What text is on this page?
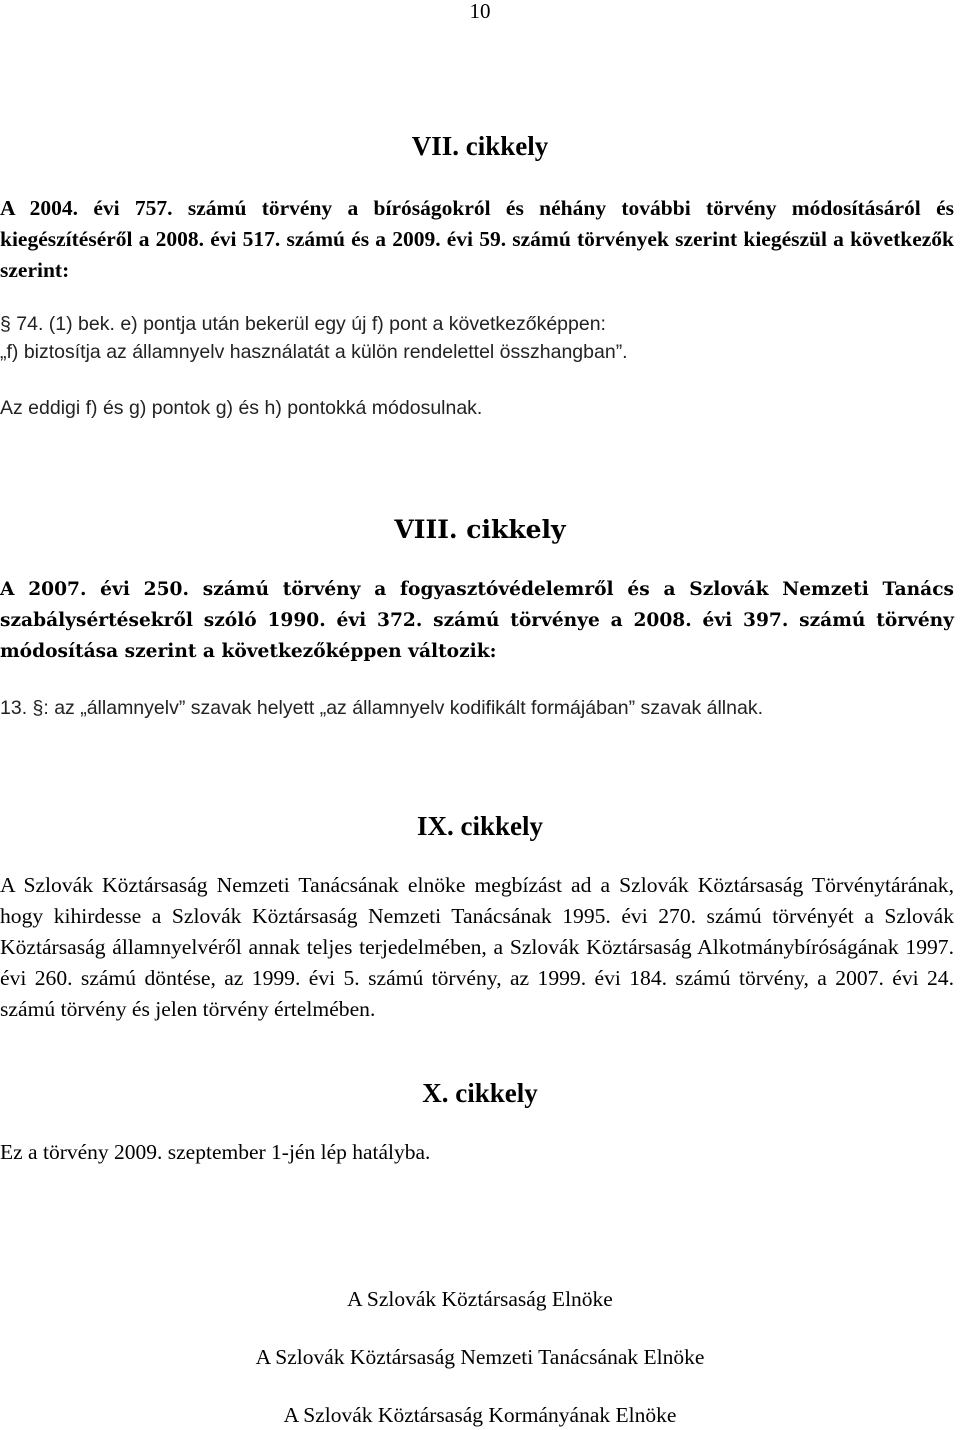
10
VII. cikkely

A 2004. évi 757. számú törvény a bíróságokról és néhány további törvény módosításáról és kiegészítéséről a 2008. évi 517. számú és a 2009. évi 59. számú törvények szerint kiegészül a következők szerint:

§ 74. (1) bek. e) pontja után bekerül egy új f) pont a következőképpen:

„f) biztosítja az államnyelv használatát a külön rendelettel összhangban”.

Az eddigi f) és g) pontok g) és h) pontokká módosulnak.

VIII. cikkely

A 2007. évi 250. számú törvény a fogyasztóvédelemről és a Szlovák Nemzeti Tanács szabálysértésekről szóló 1990. évi 372. számú törvénye a 2008. évi 397. számú törvény módosítása szerint a következőképpen változik:

13. §: az „államnyelv” szavak helyett „az államnyelv kodifikált formájában” szavak állnak.

IX. cikkely

A Szlovák Köztársaság Nemzeti Tanácsának elnöke megbízást ad a Szlovák Köztársaság Törvénytárának, hogy kihirdesse a Szlovák Köztársaság Nemzeti Tanácsának 1995. évi 270. számú törvényét a Szlovák Köztársaság államnyelvéről annak teljes terjedelmében, a Szlovák Köztársaság Alkotmánybíróságának 1997. évi 260. számú döntése, az 1999. évi 5. számú törvény, az 1999. évi 184. számú törvény, a 2007. évi 24. számú törvény és jelen törvény értelmében.

X. cikkely

Ez a törvény 2009. szeptember 1-jén lép hatályba.

A Szlovák Köztársaság Elnöke

A Szlovák Köztársaság Nemzeti Tanácsának Elnöke

A Szlovák Köztársaság Kormányának Elnöke
